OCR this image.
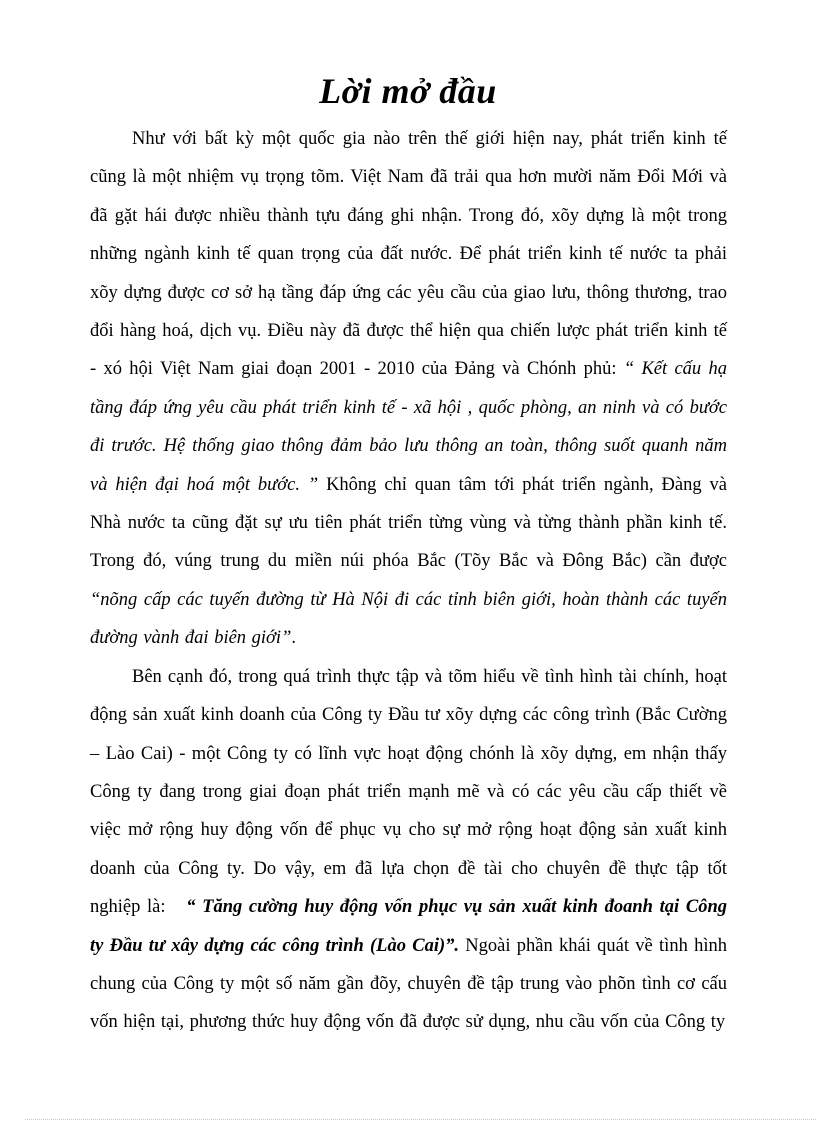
Lời mở đầu

Như với bất kỳ một quốc gia nào trên thế giới hiện nay, phát triển kinh tế cũng là một nhiệm vụ trọng tõm. Việt Nam đã trải qua hơn mười năm Đổi Mới và đã gặt hái được nhiều thành tựu đáng ghi nhận. Trong đó, xõy dựng là một trong những ngành kinh tế quan trọng của đất nước. Để phát triển kinh tế nước ta phải xõy dựng được cơ sở hạ tầng đáp ứng các yêu cầu của giao lưu, thông thương, trao đổi hàng hoá, dịch vụ. Điều này đã được thể hiện qua chiến lược phát triển kinh tế - xó hội Việt Nam giai đoạn 2001 - 2010 của Đảng và Chónh phủ: “ Kết cấu hạ tầng đáp ứng yêu cầu phát triển kinh tế - xã hội , quốc phòng, an ninh và có bước đi trước. Hệ thống giao thông đảm bảo lưu thông an toàn, thông suốt quanh năm và hiện đại hoá một bước. ” Không chỉ quan tâm tới phát triển ngành, Đàng và Nhà nước ta cũng đặt sự ưu tiên phát triển từng vùng và từng thành phần kinh tế. Trong đó, vúng trung du miền núi phóa Bắc (Tõy Bắc và Đông Bắc) cần được “nõng cấp các tuyến đường từ Hà Nội đi các tỉnh biên giới, hoàn thành các tuyến đường vành đai biên giới”.

Bên cạnh đó, trong quá trình thực tập và tõm hiểu về tình hình tài chính, hoạt động sản xuất kinh doanh của Công ty Đầu tư xõy dựng các công trình (Bắc Cường – Lào Cai) - một Công ty có lĩnh vực hoạt động chónh là xõy dựng, em nhận thấy Công ty đang trong giai đoạn phát triển mạnh mẽ và có các yêu cầu cấp thiết về việc mở rộng huy động vốn để phục vụ cho sự mở rộng hoạt động sản xuất kinh doanh của Công ty. Do vậy, em đã lựa chọn đề tài cho chuyên đề thực tập tốt nghiệp là: “ Tăng cường huy động vốn phục vụ sản xuất kinh đoanh tại Công ty Đầu tư xây dựng các công trình (Lào Cai)”. Ngoài phần khái quát về tình hình chung của Công ty một số năm gần đõy, chuyên đề tập trung vào phõn tình cơ cấu vốn hiện tại, phương thức huy động vốn đã được sử dụng, nhu cầu vốn của Công ty
